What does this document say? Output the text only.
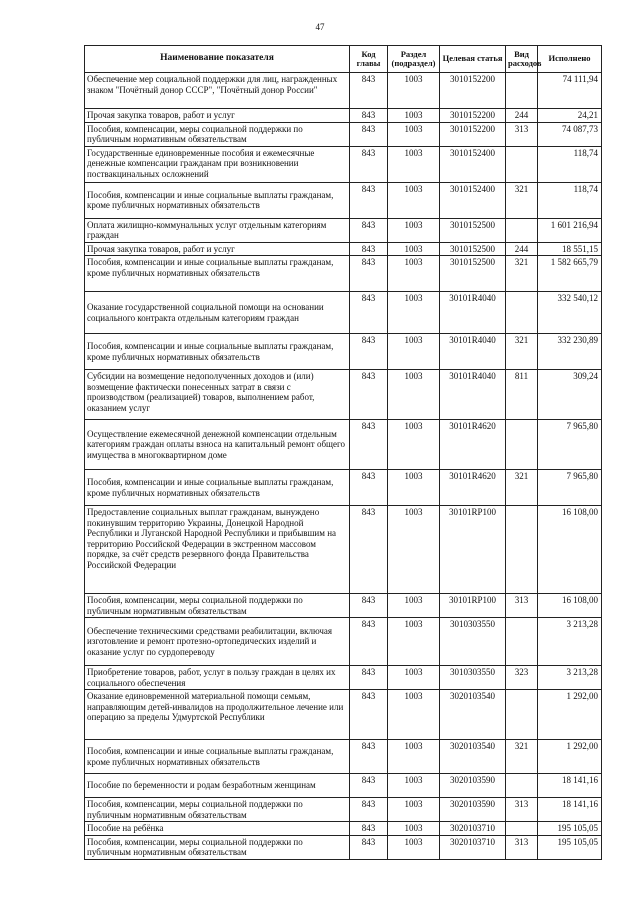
47
Наименование показателя	Код главы	Раздел (подраздел)	Целевая статья	Вид расходов	Исполнено
Обеспечение мер социальной поддержки для лиц, награжденных знаком "Почётный донор СССР", "Почётный донор России"	843	1003	3010152200		74 111,94
Прочая закупка товаров, работ и услуг	843	1003	3010152200	244	24,21
Пособия, компенсации, меры социальной поддержки по публичным нормативным обязательствам	843	1003	3010152200	313	74 087,73
Государственные единовременные пособия и ежемесячные денежные компенсации гражданам при возникновении поствакцинальных осложнений	843	1003	3010152400		118,74
Пособия, компенсации и иные социальные выплаты гражданам, кроме публичных нормативных обязательств	843	1003	3010152400	321	118,74
Оплата жилищно-коммунальных услуг отдельным категориям граждан	843	1003	3010152500		1 601 216,94
Прочая закупка товаров, работ и услуг	843	1003	3010152500	244	18 551,15
Пособия, компенсации и иные социальные выплаты гражданам, кроме публичных нормативных обязательств	843	1003	3010152500	321	1 582 665,79
Оказание государственной социальной помощи на основании социального контракта отдельным категориям граждан	843	1003	30101R4040		332 540,12
Пособия, компенсации и иные социальные выплаты гражданам, кроме публичных нормативных обязательств	843	1003	30101R4040	321	332 230,89
Субсидии на возмещение недополученных доходов и (или) возмещение фактически понесенных затрат в связи с производством (реализацией) товаров, выполнением работ, оказанием услуг	843	1003	30101R4040	811	309,24
Осуществление ежемесячной денежной компенсации отдельным категориям граждан оплаты взноса на капитальный ремонт общего имущества в многоквартирном доме	843	1003	30101R4620		7 965,80
Пособия, компенсации и иные социальные выплаты гражданам, кроме публичных нормативных обязательств	843	1003	30101R4620	321	7 965,80
Предоставление социальных выплат гражданам, вынуждено покинувшим территорию Украины, Донецкой Народной Республики и Луганской Народной Республики и прибывшим на территорию Российской Федерации в экстренном массовом порядке, за счёт средств резервного фонда Правительства Российской Федерации	843	1003	30101RP100		16 108,00
Пособия, компенсации, меры социальной поддержки по публичным нормативным обязательствам	843	1003	30101RP100	313	16 108,00
Обеспечение техническими средствами реабилитации, включая изготовление и ремонт протезно-ортопедических изделий и оказание услуг по сурдопереводу	843	1003	3010303550		3 213,28
Приобретение товаров, работ, услуг в пользу граждан в целях их социального обеспечения	843	1003	3010303550	323	3 213,28
Оказание единовременной материальной помощи семьям, направляющим детей-инвалидов на продолжительное лечение или операцию за пределы Удмуртской Республики	843	1003	3020103540		1 292,00
Пособия, компенсации и иные социальные выплаты гражданам, кроме публичных нормативных обязательств	843	1003	3020103540	321	1 292,00
Пособие по беременности и родам безработным женщинам	843	1003	3020103590		18 141,16
Пособия, компенсации, меры социальной поддержки по публичным нормативным обязательствам	843	1003	3020103590	313	18 141,16
Пособие на ребёнка	843	1003	3020103710		195 105,05
Пособия, компенсации, меры социальной поддержки по публичным нормативным обязательствам	843	1003	3020103710	313	195 105,05
